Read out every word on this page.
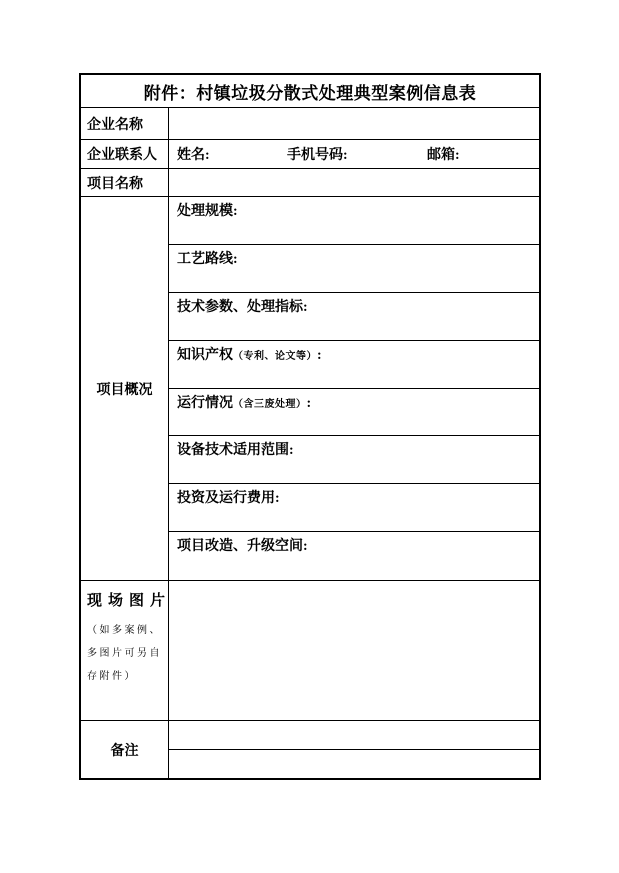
附件：村镇垃圾分散式处理典型案例信息表
企业名称
企业联系人	姓名:	手机号码:	邮箱:
项目名称
项目概况
处理规模:
工艺路线:
技术参数、处理指标:
知识产权（专利、论文等）:
运行情况（含三废处理）:
设备技术适用范围:
投资及运行费用:
项目改造、升级空间:
现场图片
（如多案例、多图片可另自存附件）
备注
